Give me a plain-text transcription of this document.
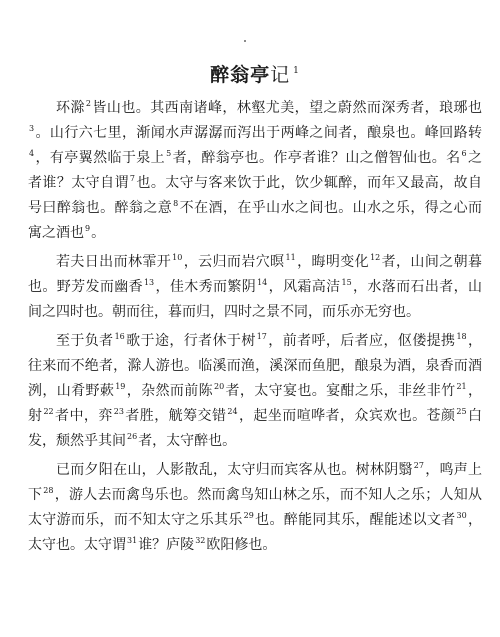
醉翁亭记 $^1$

环滁$^2$皆山也。其西南诸峰，林壑尤美，望之蔚然而深秀者，琅琊也$^3$。山行六七里，渐闻水声潺潺而泻出于两峰之间者，酿泉也。峰回路转$^4$，有亭翼然临于泉上$^5$者，醉翁亭也。作亭者谁？山之僧智仙也。名$^6$之者谁？太守自谓$^7$也。太守与客来饮于此，饮少辄醉，而年又最高，故自号曰醉翁也。醉翁之意$^8$不在酒，在乎山水之间也。山水之乐，得之心而寓之酒也$^9$。

若夫日出而林霏开$^{10}$，云归而岩穴暝$^{11}$，晦明变化$^{12}$者，山间之朝暮也。野芳发而幽香$^{13}$，佳木秀而繁阴$^{14}$，风霜高洁$^{15}$，水落而石出者，山间之四时也。朝而往，暮而归，四时之景不同，而乐亦无穷也。

至于负者$^{16}$歌于途，行者休于树$^{17}$，前者呼，后者应，伛偻提携$^{18}$，往来而不绝者，滁人游也。临溪而渔，溪深而鱼肥，酿泉为酒，泉香而酒洌，山肴野蔌$^{19}$，杂然而前陈$^{20}$者，太守宴也。宴酣之乐，非丝非竹$^{21}$，射$^{22}$者中，弈$^{23}$者胜，觥筹交错$^{24}$，起坐而喧哗者，众宾欢也。苍颜$^{25}$白发，颓然乎其间$^{26}$者，太守醉也。

已而夕阳在山，人影散乱，太守归而宾客从也。树林阴翳$^{27}$，鸣声上下$^{28}$，游人去而禽鸟乐也。然而禽鸟知山林之乐，而不知人之乐；人知从太守游而乐，而不知太守之乐其乐$^{29}$也。醉能同其乐，醒能述以文者$^{30}$，太守也。太守谓$^{31}$谁？庐陵$^{32}$欧阳修也。
